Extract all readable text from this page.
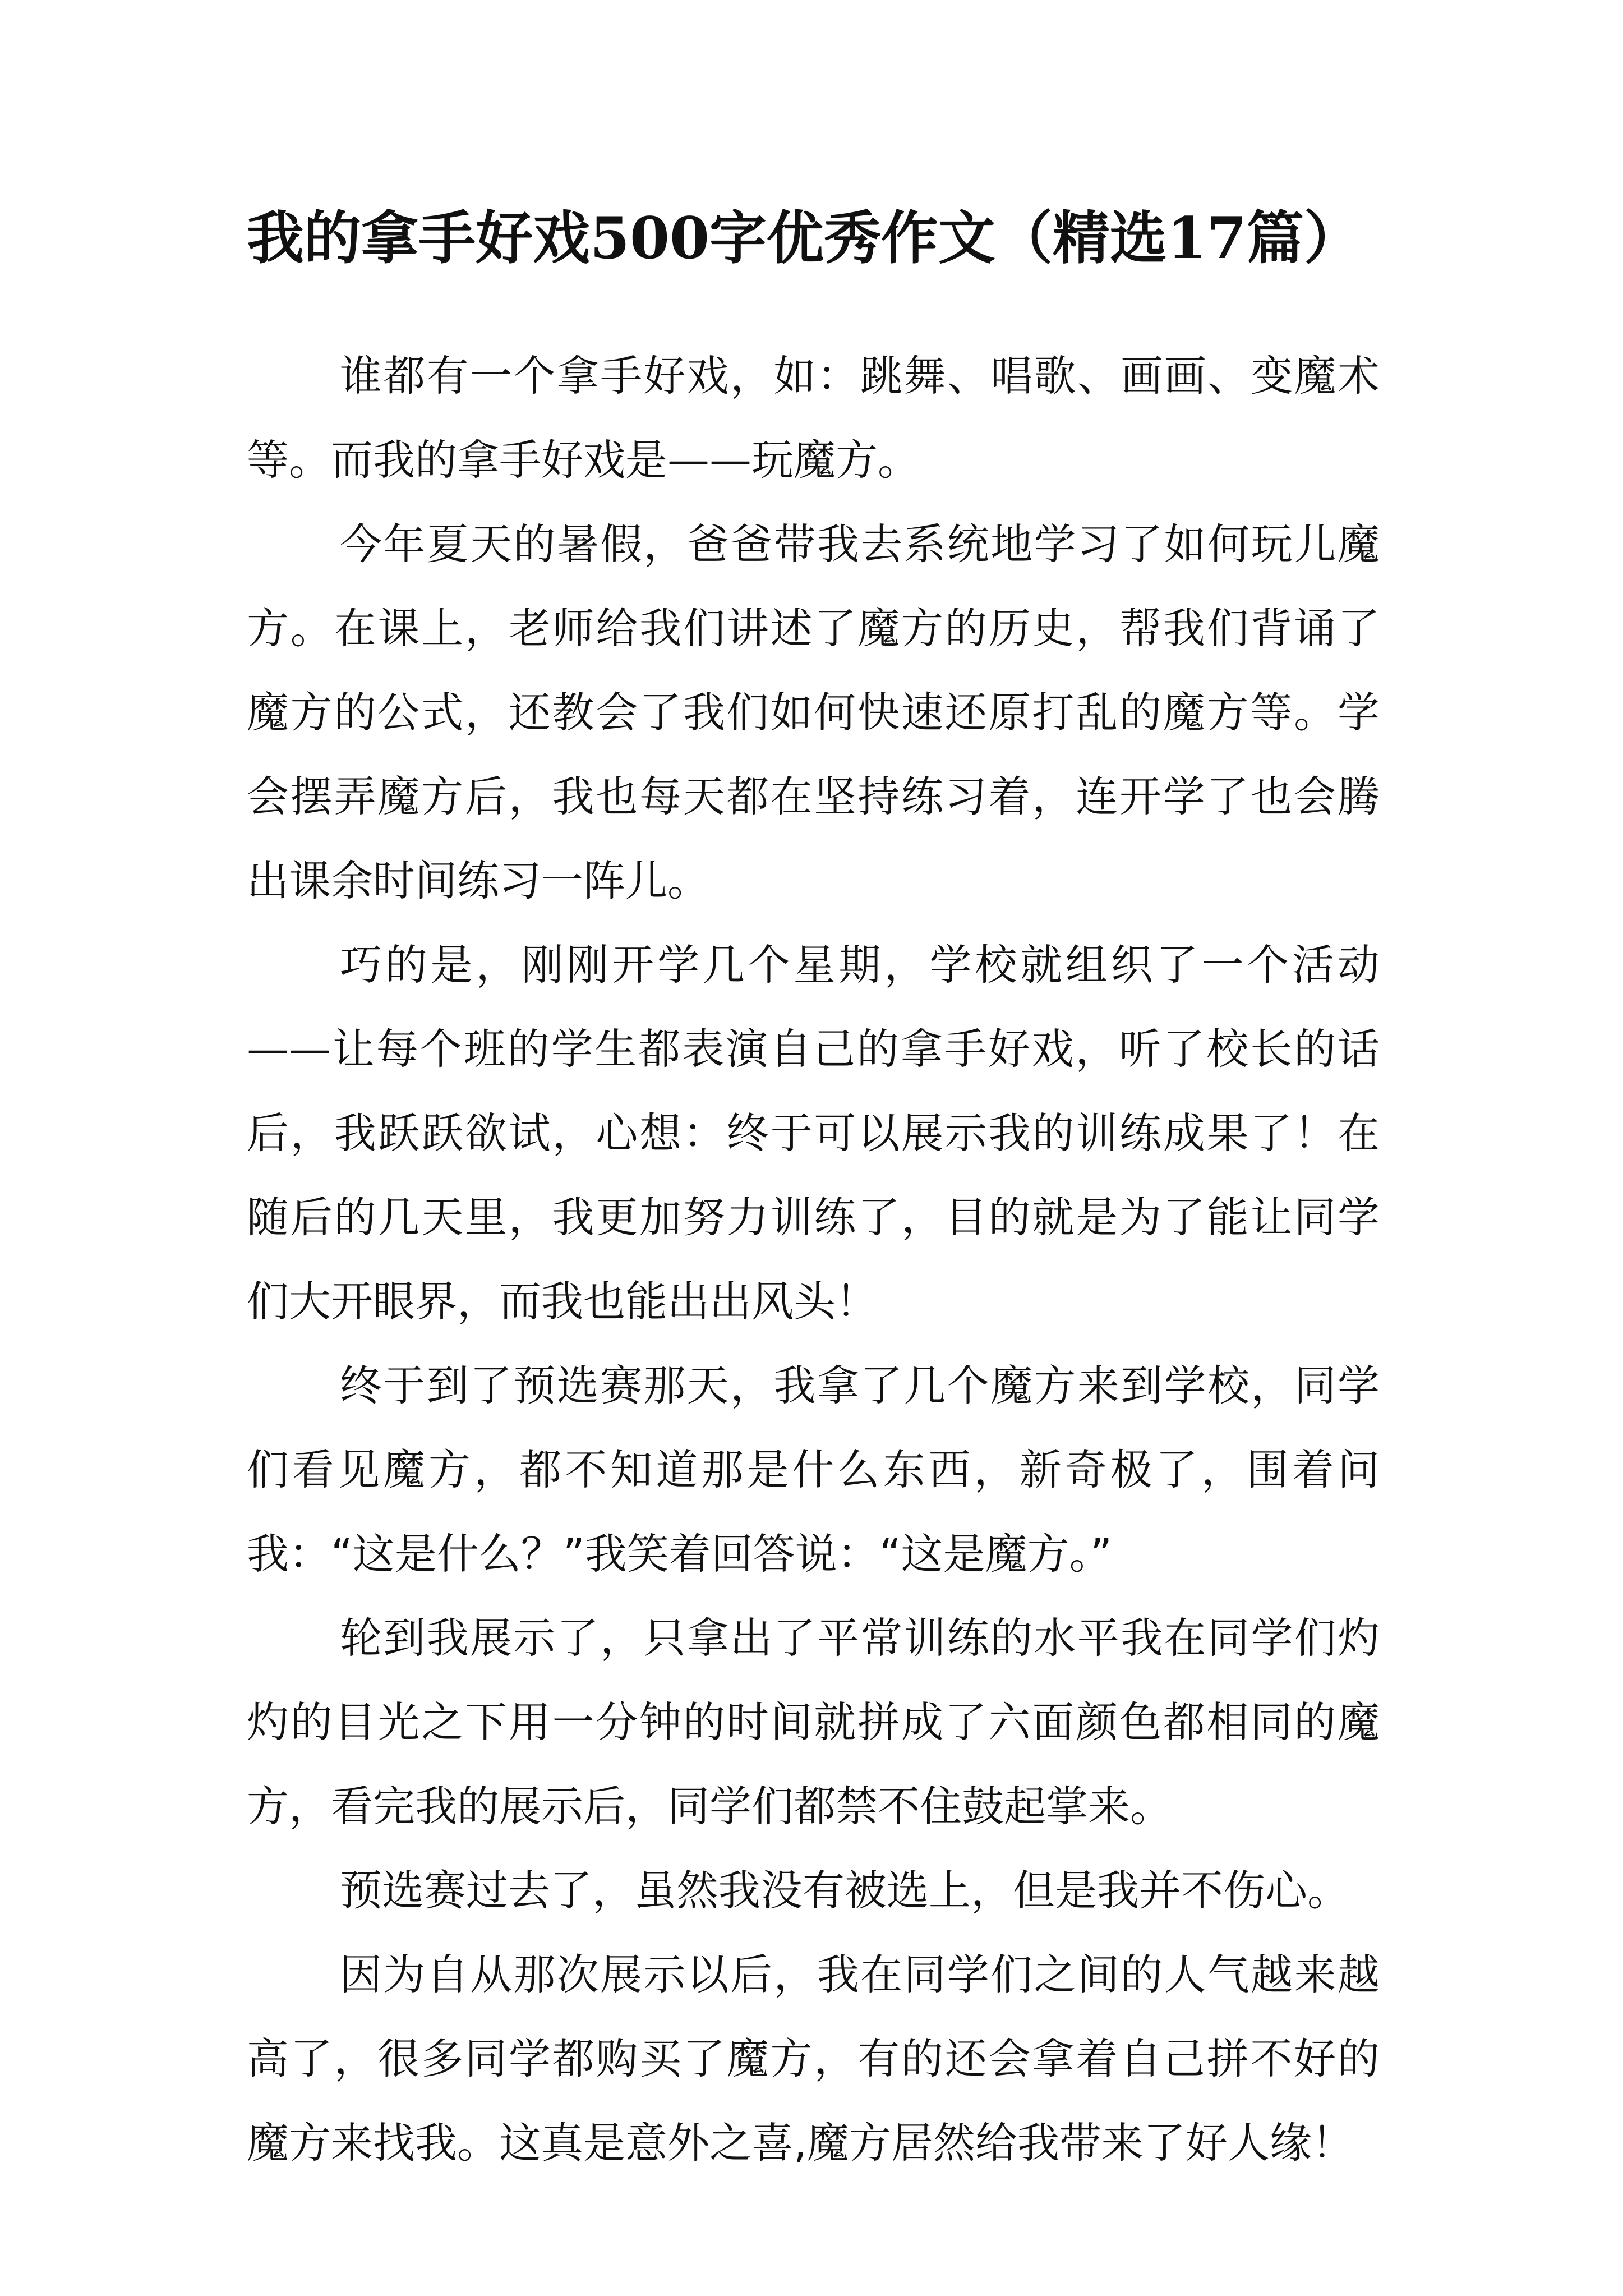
我的拿手好戏500字优秀作文（精选17篇）

谁都有一个拿手好戏，如：跳舞、唱歌、画画、变魔术等。而我的拿手好戏是——玩魔方。

今年夏天的暑假，爸爸带我去系统地学习了如何玩儿魔方。在课上，老师给我们讲述了魔方的历史，帮我们背诵了魔方的公式，还教会了我们如何快速还原打乱的魔方等。学会摆弄魔方后，我也每天都在坚持练习着，连开学了也会腾出课余时间练习一阵儿。

巧的是，刚刚开学几个星期，学校就组织了一个活动——让每个班的学生都表演自己的拿手好戏，听了校长的话后，我跃跃欲试，心想：终于可以展示我的训练成果了！在随后的几天里，我更加努力训练了，目的就是为了能让同学们大开眼界，而我也能出出风头！

终于到了预选赛那天，我拿了几个魔方来到学校，同学们看见魔方，都不知道那是什么东西，新奇极了，围着问我：“这是什么？”我笑着回答说：“这是魔方。”

轮到我展示了，只拿出了平常训练的水平我在同学们灼灼的目光之下用一分钟的时间就拼成了六面颜色都相同的魔方，看完我的展示后，同学们都禁不住鼓起掌来。

预选赛过去了，虽然我没有被选上，但是我并不伤心。

因为自从那次展示以后，我在同学们之间的人气越来越高了，很多同学都购买了魔方，有的还会拿着自己拼不好的魔方来找我。这真是意外之喜,魔方居然给我带来了好人缘！
